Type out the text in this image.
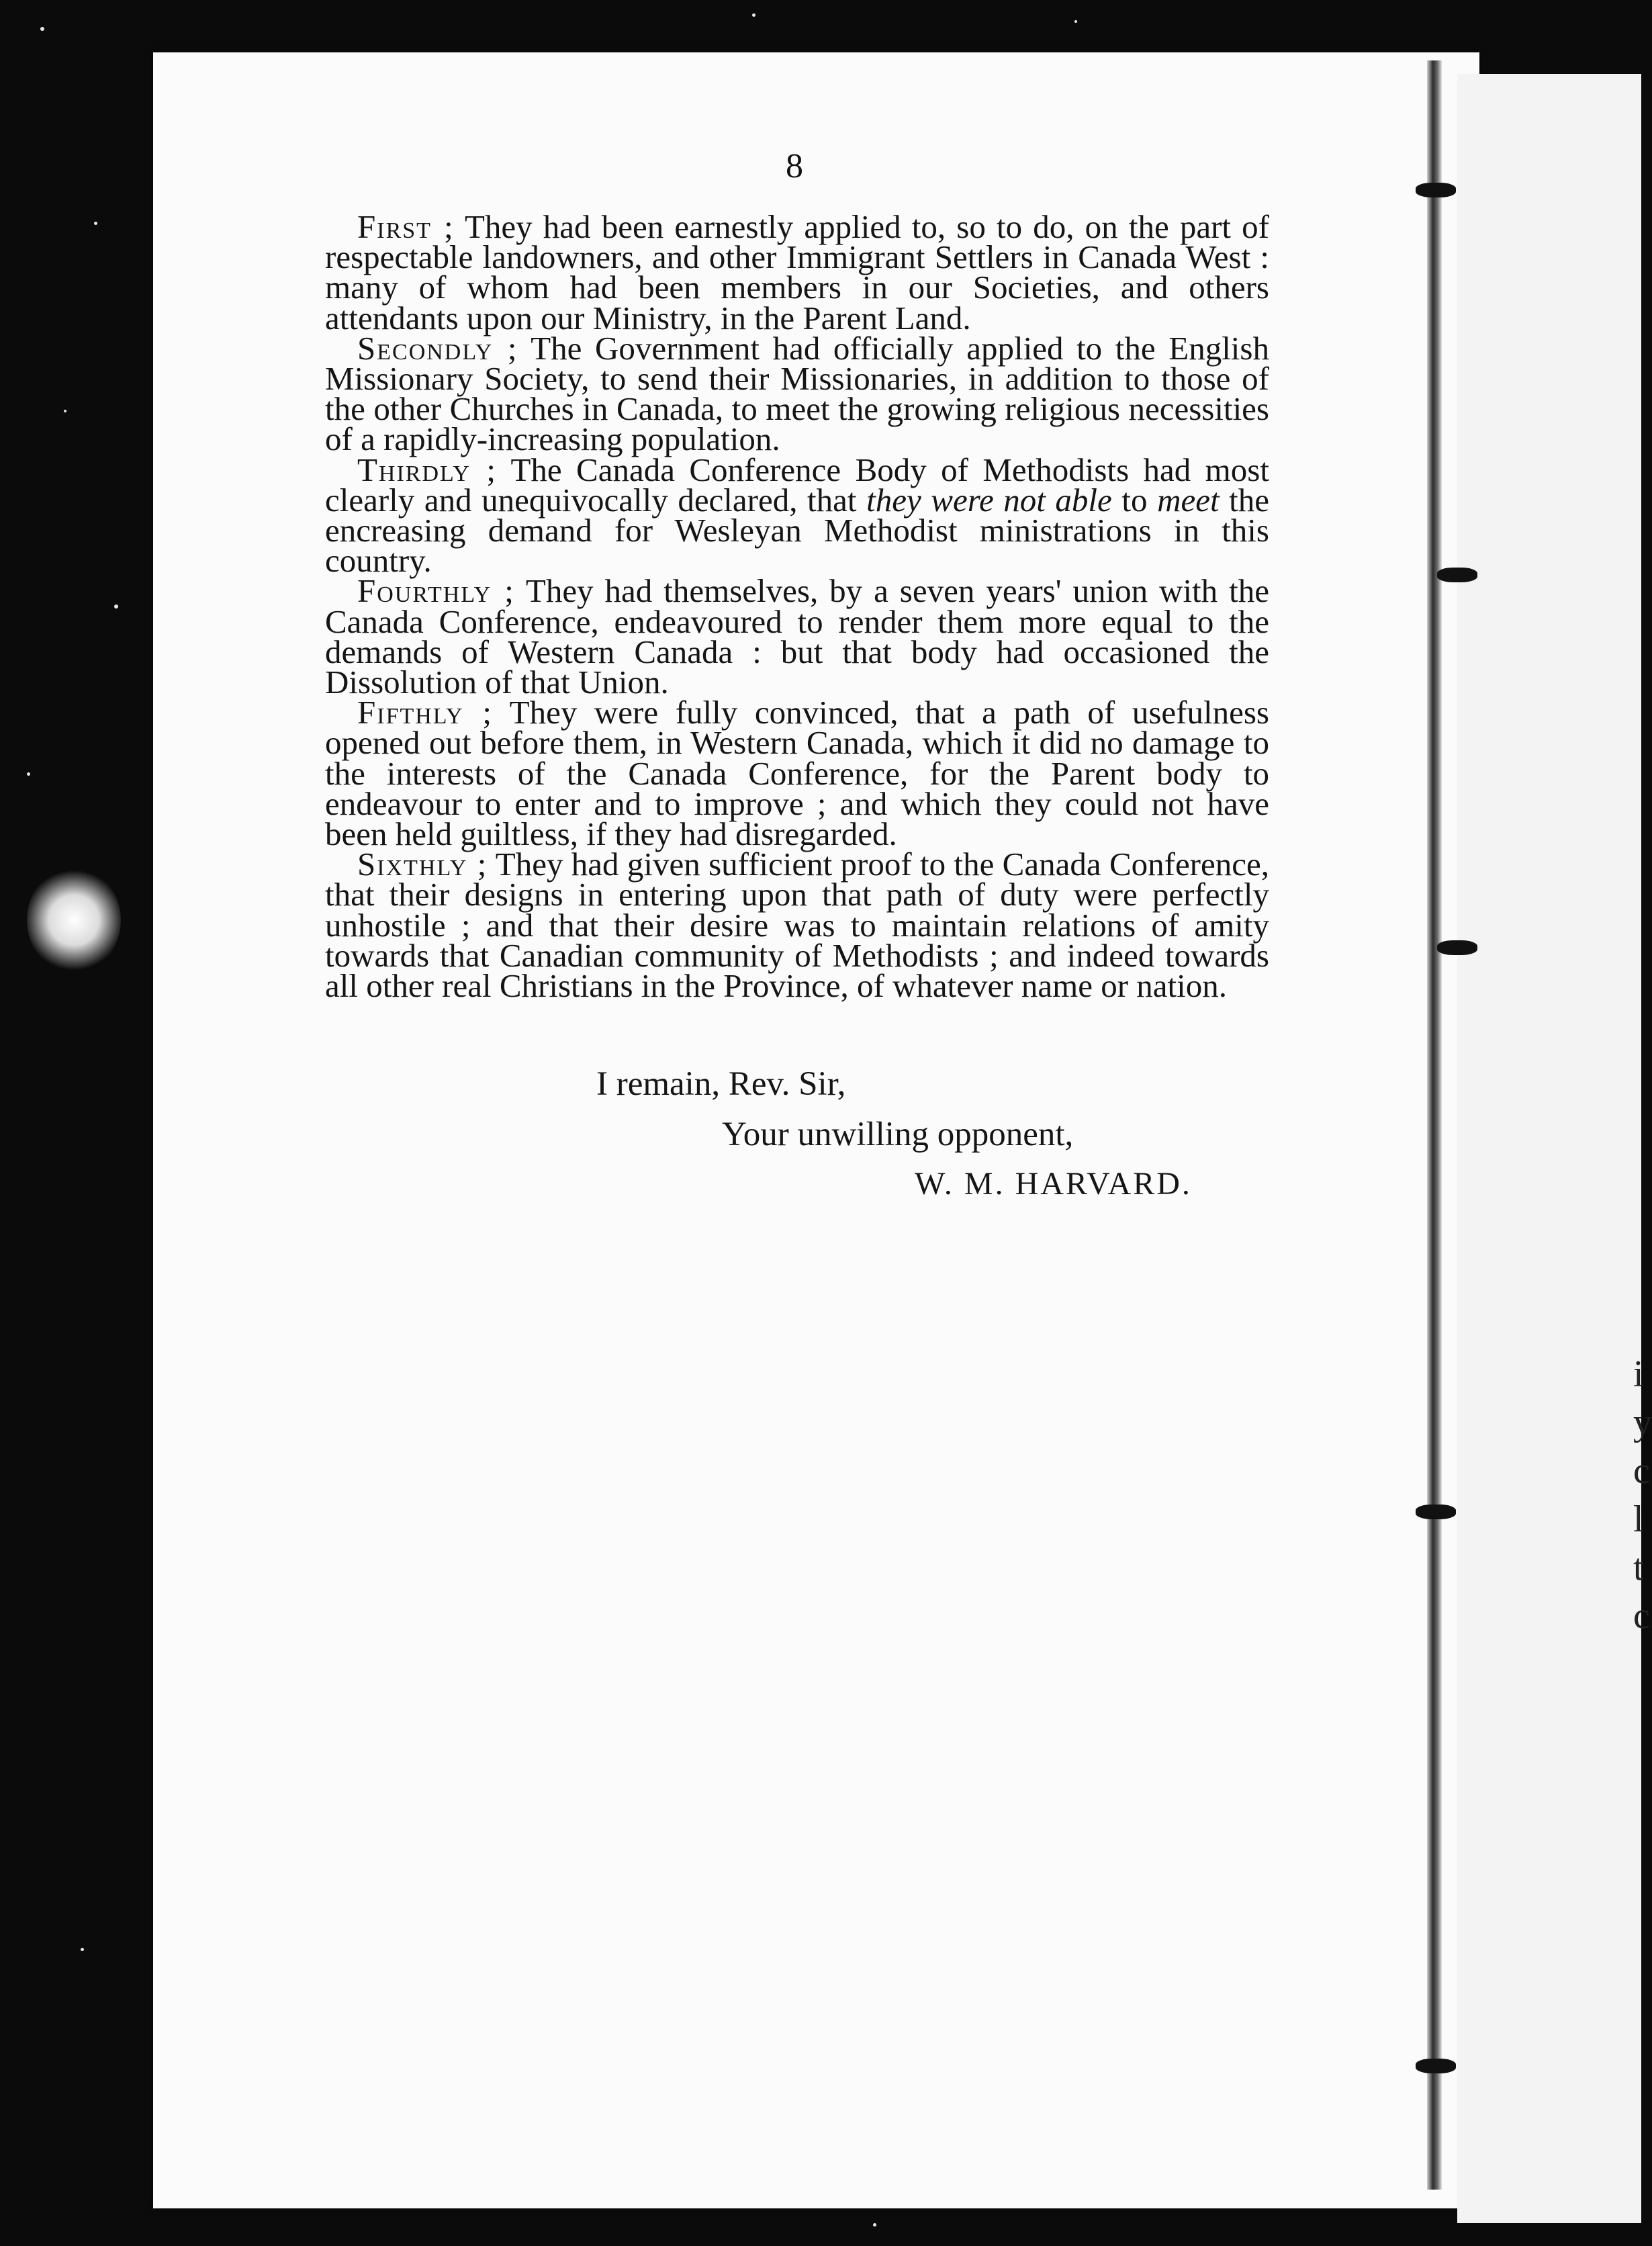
i y c l t c
8

First ; They had been earnestly applied to, so to do, on the part of respectable landowners, and other Immigrant Settlers in Canada West : many of whom had been members in our Societies, and others attendants upon our Ministry, in the Parent Land.

Secondly ; The Government had officially applied to the English Missionary Society, to send their Missionaries, in addition to those of the other Churches in Canada, to meet the growing religious necessities of a rapidly-increasing population.

Thirdly ; The Canada Conference Body of Methodists had most clearly and unequivocally declared, that they were not able to meet the encreasing demand for Wesleyan Methodist ministrations in this country.

Fourthly ; They had themselves, by a seven years' union with the Canada Conference, endeavoured to render them more equal to the demands of Western Canada : but that body had occasioned the Dissolution of that Union.

Fifthly ; They were fully convinced, that a path of usefulness opened out before them, in Western Canada, which it did no damage to the interests of the Canada Conference, for the Parent body to endeavour to enter and to improve ; and which they could not have been held guiltless, if they had disregarded.

Sixthly ; They had given sufficient proof to the Canada Conference, that their designs in entering upon that path of duty were perfectly unhostile ; and that their desire was to maintain relations of amity towards that Canadian community of Methodists ; and indeed towards all other real Christians in the Province, of whatever name or nation.

I remain, Rev. Sir,
Your unwilling opponent,
W. M. HARVARD.
